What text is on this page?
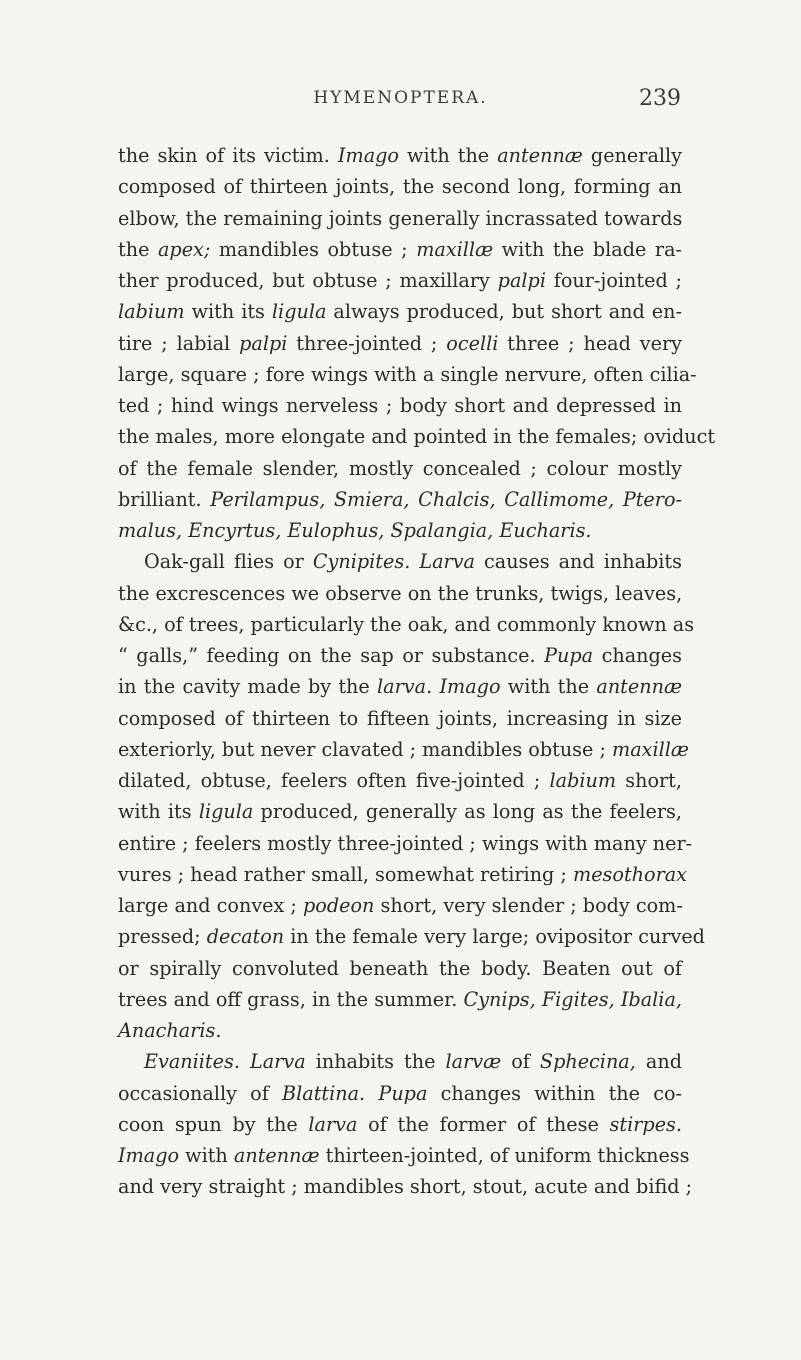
HYMENOPTERA.	239
the skin of its victim. Imago with the antennæ generally
composed of thirteen joints, the second long, forming an
elbow, the remaining joints generally incrassated towards
the apex; mandibles obtuse ; maxillæ with the blade ra-
ther produced, but obtuse ; maxillary palpi four-jointed ;
labium with its ligula always produced, but short and en-
tire ; labial palpi three-jointed ; ocelli three ; head very
large, square ; fore wings with a single nervure, often cilia-
ted ; hind wings nerveless ; body short and depressed in
the males, more elongate and pointed in the females; oviduct
of the female slender, mostly concealed ; colour mostly
brilliant. Perilampus, Smiera, Chalcis, Callimome, Ptero-
malus, Encyrtus, Eulophus, Spalangia, Eucharis.
Oak-gall flies or Cynipites. Larva causes and inhabits
the excrescences we observe on the trunks, twigs, leaves,
&c., of trees, particularly the oak, and commonly known as
“ galls,” feeding on the sap or substance. Pupa changes
in the cavity made by the larva. Imago with the antennæ
composed of thirteen to fifteen joints, increasing in size
exteriorly, but never clavated ; mandibles obtuse ; maxillæ
dilated, obtuse, feelers often five-jointed ; labium short,
with its ligula produced, generally as long as the feelers,
entire ; feelers mostly three-jointed ; wings with many ner-
vures ; head rather small, somewhat retiring ; mesothorax
large and convex ; podeon short, very slender ; body com-
pressed; decaton in the female very large; ovipositor curved
or spirally convoluted beneath the body. Beaten out of
trees and off grass, in the summer. Cynips, Figites, Ibalia,
Anacharis.
Evaniites. Larva inhabits the larvæ of Sphecina, and
occasionally of Blattina. Pupa changes within the co-
coon spun by the larva of the former of these stirpes.
Imago with antennæ thirteen-jointed, of uniform thickness
and very straight ; mandibles short, stout, acute and bifid ;
